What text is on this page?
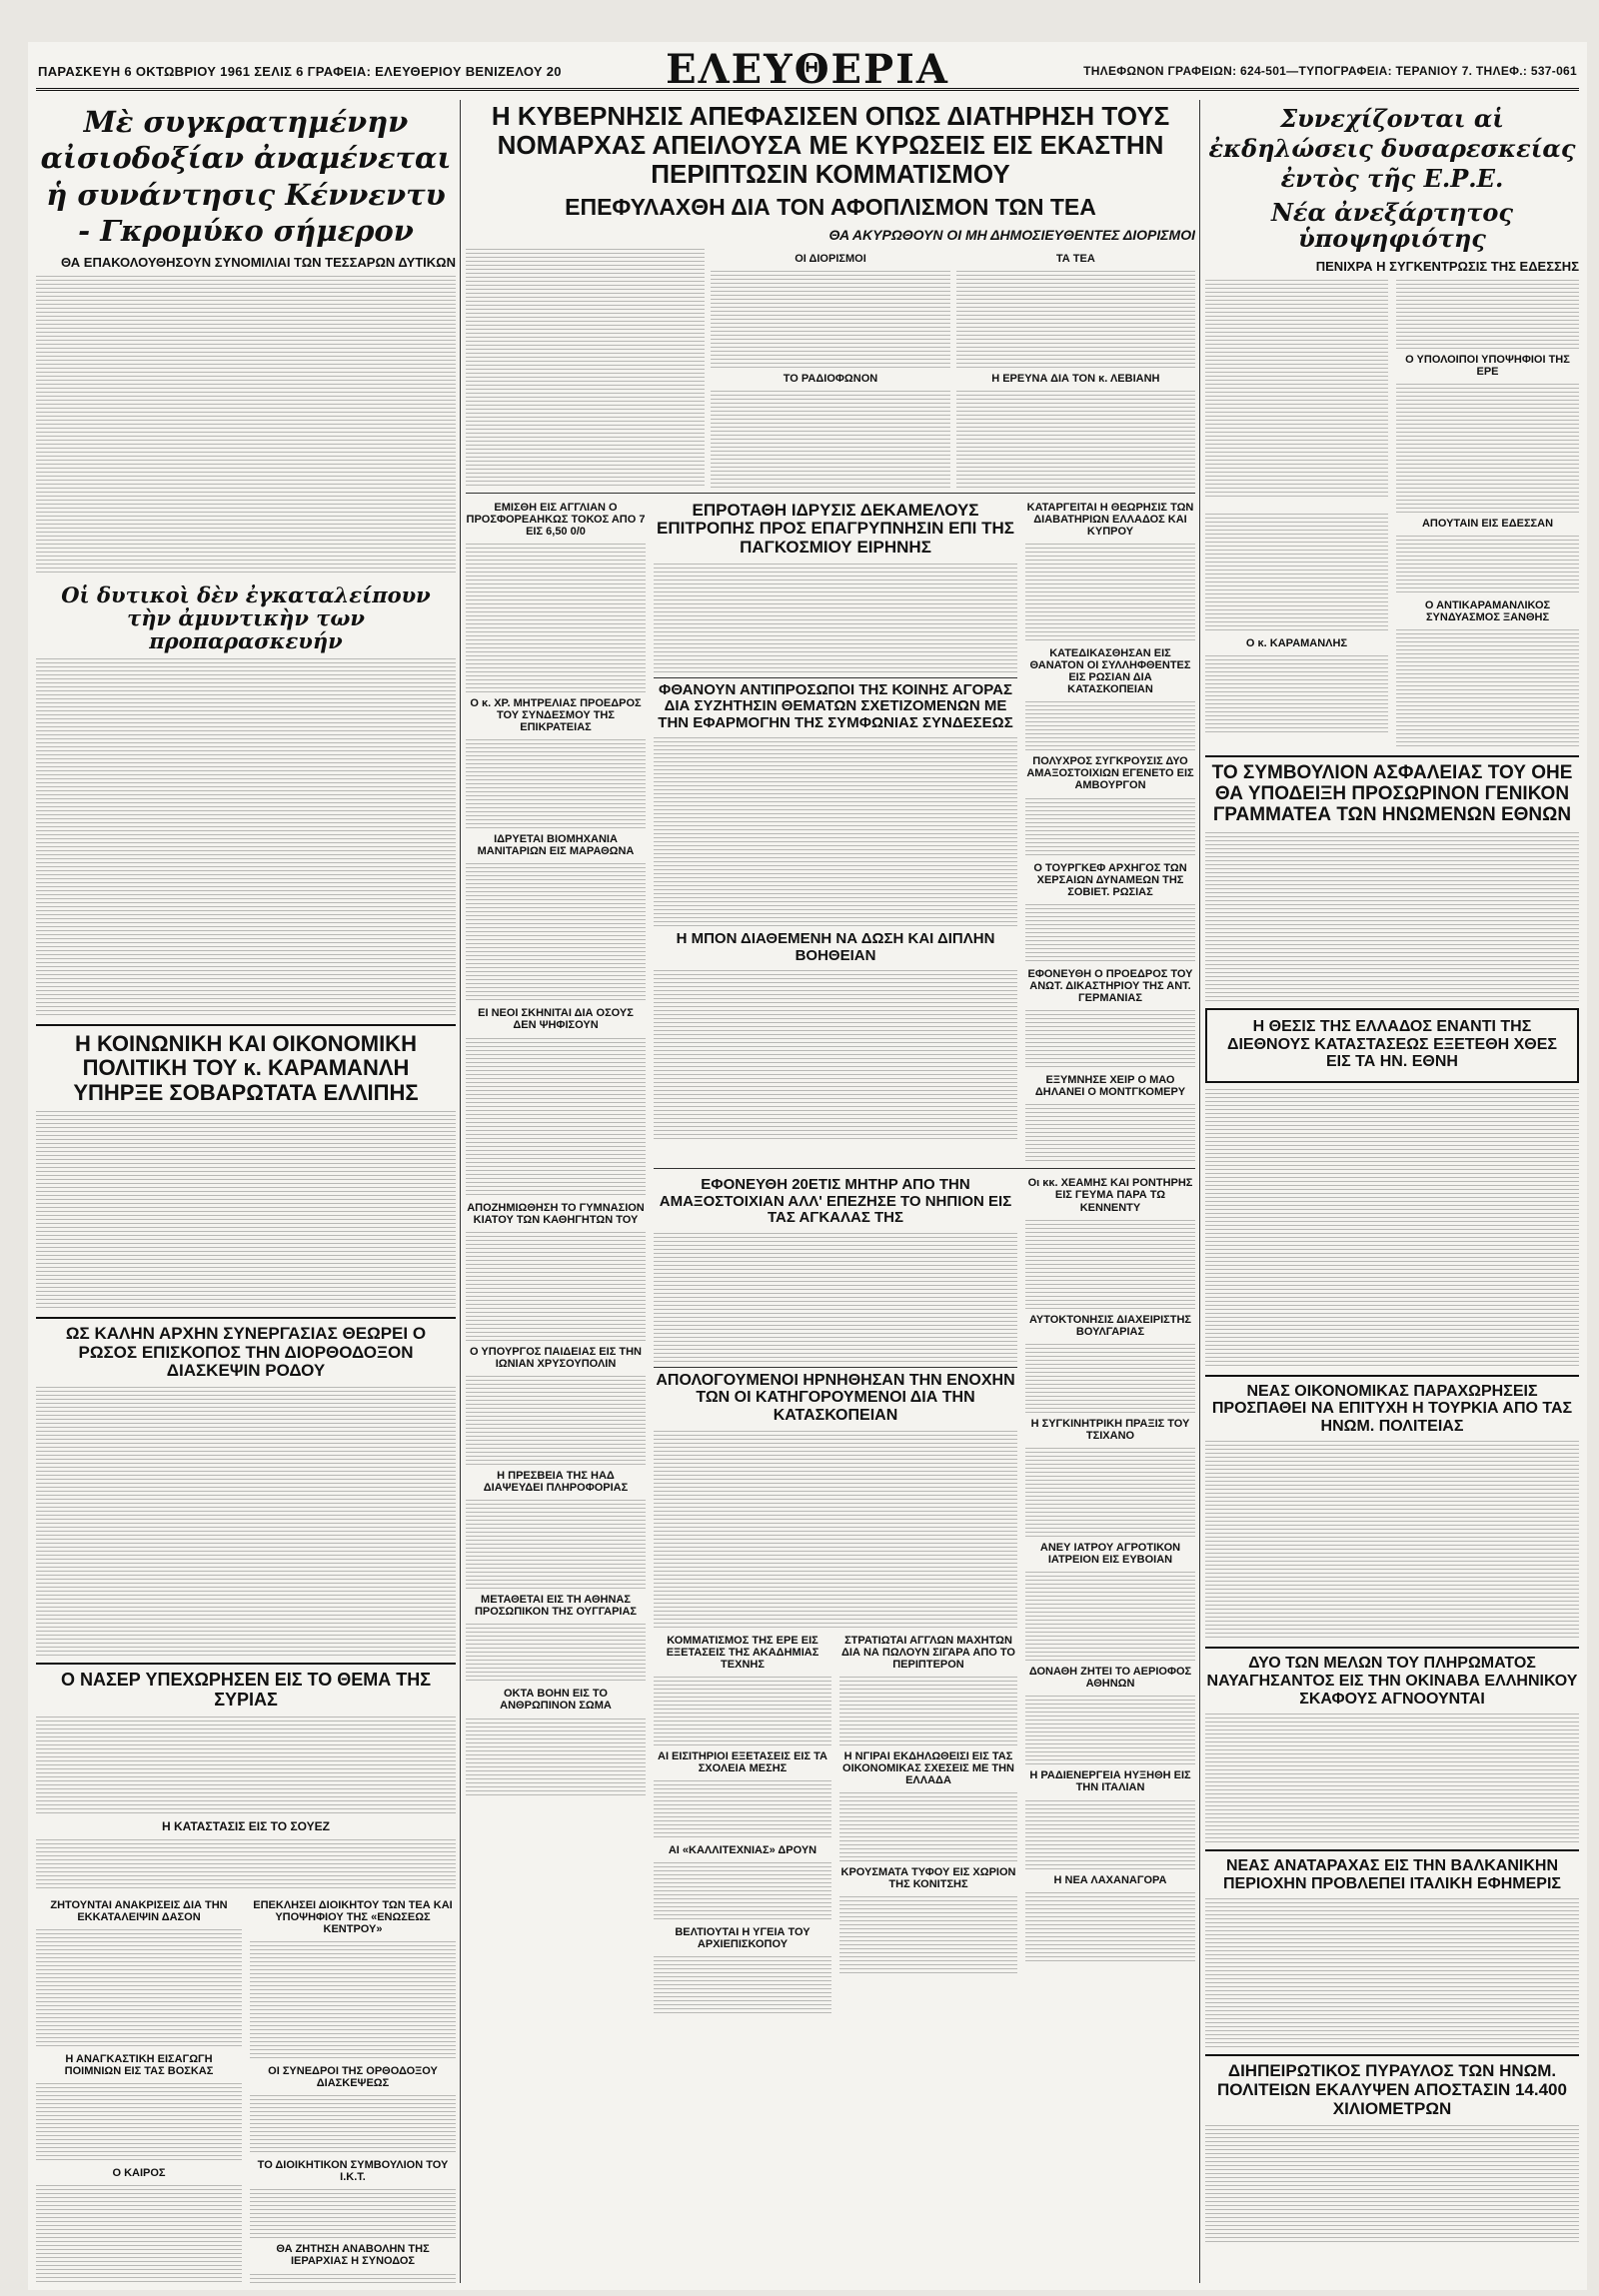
ΠΑΡΑΣΚΕΥΗ 6 ΟΚΤΩΒΡΙΟΥ 1961 ΣΕΛΙΣ 6 ΓΡΑΦΕΙΑ: ΕΛΕΥΘΕΡΙΟΥ ΒΕΝΙΖΕΛΟΥ 20	ΕΛΕΥΘΕΡΙΑ	ΤΗΛΕΦΩΝΟΝ ΓΡΑΦΕΙΩΝ: 624-501—ΤΥΠΟΓΡΑΦΕΙΑ: ΤΕΡΑΝΙΟΥ 7. ΤΗΛΕΦ.: 537-061
Μὲ συγκρατημένην αἰσιοδοξίαν ἀναμένεται ἡ συνάντησις Κέννεντυ - Γκρομύκο σήμερον
ΘΑ ΕΠΑΚΟΛΟΥΘΗΣΟΥΝ ΣΥΝΟΜΙΛΙΑΙ ΤΩΝ ΤΕΣΣΑΡΩΝ ΔΥΤΙΚΩΝ
Οἱ δυτικοὶ δὲν ἐγκαταλείπουν τὴν ἀμυντικὴν των προπαρασκευήν
Η ΚΟΙΝΩΝΙΚΗ ΚΑΙ ΟΙΚΟΝΟΜΙΚΗ ΠΟΛΙΤΙΚΗ ΤΟΥ κ. ΚΑΡΑΜΑΝΛΗ ΥΠΗΡΞΕ ΣΟΒΑΡΩΤΑΤΑ ΕΛΛΙΠΗΣ
ΩΣ ΚΑΛΗΝ ΑΡΧΗΝ ΣΥΝΕΡΓΑΣΙΑΣ ΘΕΩΡΕΙ Ο ΡΩΣΟΣ ΕΠΙΣΚΟΠΟΣ ΤΗΝ ΔΙΟΡΘΟΔΟΞΟΝ ΔΙΑΣΚΕΨΙΝ ΡΟΔΟΥ
Ο ΝΑΣΕΡ ΥΠΕΧΩΡΗΣΕΝ ΕΙΣ ΤΟ ΘΕΜΑ ΤΗΣ ΣΥΡΙΑΣ
Η ΚΑΤΑΣΤΑΣΙΣ ΕΙΣ ΤΟ ΣΟΥΕΖ
ΖΗΤΟΥΝΤΑΙ ΑΝΑΚΡΙΣΕΙΣ ΔΙΑ ΤΗΝ ΕΚΚΑΤΑΛΕΙΨΙΝ ΔΑΣΟΝ
Η ΑΝΑΓΚΑΣΤΙΚΗ ΕΙΣΑΓΩΓΗ ΠΟΙΜΝΙΩΝ ΕΙΣ ΤΑΣ ΒΟΣΚΑΣ
Ο ΚΑΙΡΟΣ
ΕΠΕΚΛΗΣΕΙ ΔΙΟΙΚΗΤΟΥ ΤΩΝ ΤΕΑ ΚΑΙ ΥΠΟΨΗΦΙΟΥ ΤΗΣ «ΕΝΩΣΕΩΣ ΚΕΝΤΡΟΥ»
ΟΙ ΣΥΝΕΔΡΟΙ ΤΗΣ ΟΡΘΟΔΟΞΟΥ ΔΙΑΣΚΕΨΕΩΣ
ΤΟ ΔΙΟΙΚΗΤΙΚΟΝ ΣΥΜΒΟΥΛΙΟΝ ΤΟΥ Ι.Κ.Τ.
ΘΑ ΖΗΤΗΣΗ ΑΝΑΒΟΛΗΝ ΤΗΣ ΙΕΡΑΡΧΙΑΣ Η ΣΥΝΟΔΟΣ
Η ΚΥΒΕΡΝΗΣΙΣ ΑΠΕΦΑΣΙΣΕΝ ΟΠΩΣ ΔΙΑΤΗΡΗΣΗ ΤΟΥΣ ΝΟΜΑΡΧΑΣ ΑΠΕΙΛΟΥΣΑ ΜΕ ΚΥΡΩΣΕΙΣ ΕΙΣ ΕΚΑΣΤΗΝ ΠΕΡΙΠΤΩΣΙΝ ΚΟΜΜΑΤΙΣΜΟΥ
ΕΠΕΦΥΛΑΧΘΗ ΔΙΑ ΤΟΝ ΑΦΟΠΛΙΣΜΟΝ ΤΩΝ ΤΕΑ
ΘΑ ΑΚΥΡΩΘΟΥΝ ΟΙ ΜΗ ΔΗΜΟΣΙΕΥΘΕΝΤΕΣ ΔΙΟΡΙΣΜΟΙ
ΟΙ ΔΙΟΡΙΣΜΟΙ
ΤΟ ΡΑΔΙΟΦΩΝΟΝ
ΤΑ ΤΕΑ
Η ΕΡΕΥΝΑ ΔΙΑ ΤΟΝ κ. ΛΕΒΙΑΝΗ
ΕΜΙΣΘΗ ΕΙΣ ΑΓΓΛΙΑΝ Ο ΠΡΟΣΦΟΡΕΑΗΚΩΣ ΤΟΚΟΣ ΑΠΟ 7 ΕΙΣ 6,50 0/0
Ο κ. ΧΡ. ΜΗΤΡΕΛΙΑΣ ΠΡΟΕΔΡΟΣ ΤΟΥ ΣΥΝΔΕΣΜΟΥ ΤΗΣ ΕΠΙΚΡΑΤΕΙΑΣ
ΙΔΡΥΕΤΑΙ ΒΙΟΜΗΧΑΝΙΑ ΜΑΝΙΤΑΡΙΩΝ ΕΙΣ ΜΑΡΑΘΩΝΑ
ΕΙ ΝΕΟΙ ΣΚΗΝΙΤΑΙ ΔΙΑ ΟΣΟΥΣ ΔΕΝ ΨΗΦΙΣΟΥΝ
ΑΠΟΖΗΜΙΩΘΗΣΗ ΤΟ ΓΥΜΝΑΣΙΟΝ ΚΙΑΤΟΥ ΤΩΝ ΚΑΘΗΓΗΤΩΝ ΤΟΥ
Ο ΥΠΟΥΡΓΟΣ ΠΑΙΔΕΙΑΣ ΕΙΣ ΤΗΝ ΙΩΝΙΑΝ ΧΡΥΣΟΥΠΟΛΙΝ
Η ΠΡΕΣΒΕΙΑ ΤΗΣ ΗΑΔ ΔΙΑΨΕΥΔΕΙ ΠΛΗΡΟΦΟΡΙΑΣ
ΜΕΤΑΘΕΤΑΙ ΕΙΣ ΤΗ ΑΘΗΝΑΣ ΠΡΟΣΩΠΙΚΟΝ ΤΗΣ ΟΥΓΓΑΡΙΑΣ
ΟΚΤΑ ΒΟΗΝ ΕΙΣ ΤΟ ΑΝΘΡΩΠΙΝΟΝ ΣΩΜΑ
ΕΠΡΟΤΑΘΗ ΙΔΡΥΣΙΣ ΔΕΚΑΜΕΛΟΥΣ ΕΠΙΤΡΟΠΗΣ ΠΡΟΣ ΕΠΑΓΡΥΠΝΗΣΙΝ ΕΠΙ ΤΗΣ ΠΑΓΚΟΣΜΙΟΥ ΕΙΡΗΝΗΣ
ΦΘΑΝΟΥΝ ΑΝΤΙΠΡΟΣΩΠΟΙ ΤΗΣ ΚΟΙΝΗΣ ΑΓΟΡΑΣ ΔΙΑ ΣΥΖΗΤΗΣΙΝ ΘΕΜΑΤΩΝ ΣΧΕΤΙΖΟΜΕΝΩΝ ΜΕ ΤΗΝ ΕΦΑΡΜΟΓΗΝ ΤΗΣ ΣΥΜΦΩΝΙΑΣ ΣΥΝΔΕΣΕΩΣ
Η ΜΠΟΝ ΔΙΑΘΕΜΕΝΗ ΝΑ ΔΩΣΗ ΚΑΙ ΔΙΠΛΗΝ ΒΟΗΘΕΙΑΝ
ΚΑΤΑΡΓΕΙΤΑΙ Η ΘΕΩΡΗΣΙΣ ΤΩΝ ΔΙΑΒΑΤΗΡΙΩΝ ΕΛΛΑΔΟΣ ΚΑΙ ΚΥΠΡΟΥ
ΚΑΤΕΔΙΚΑΣΘΗΣΑΝ ΕΙΣ ΘΑΝΑΤΟΝ ΟΙ ΣΥΛΛΗΦΘΕΝΤΕΣ ΕΙΣ ΡΩΣΙΑΝ ΔΙΑ ΚΑΤΑΣΚΟΠΕΙΑΝ
ΠΟΛΥΧΡΟΣ ΣΥΓΚΡΟΥΣΙΣ ΔΥΟ ΑΜΑΞΟΣΤΟΙΧΙΩΝ ΕΓΕΝΕΤΟ ΕΙΣ ΑΜΒΟΥΡΓΟΝ
Ο ΤΟΥΡΓΚΕΦ ΑΡΧΗΓΟΣ ΤΩΝ ΧΕΡΣΑΙΩΝ ΔΥΝΑΜΕΩΝ ΤΗΣ ΣΟΒΙΕΤ. ΡΩΣΙΑΣ
ΕΦΟΝΕΥΘΗ Ο ΠΡΟΕΔΡΟΣ ΤΟΥ ΑΝΩΤ. ΔΙΚΑΣΤΗΡΙΟΥ ΤΗΣ ΑΝΤ. ΓΕΡΜΑΝΙΑΣ
ΕΞΥΜΝΗΣΕ ΧΕΙΡ Ο ΜΑΟ ΔΗΛΑΝΕΙ Ο ΜΟΝΤΓΚΟΜΕΡΥ
ΕΦΟΝΕΥΘΗ 20ΕΤΙΣ ΜΗΤΗΡ ΑΠΟ ΤΗΝ ΑΜΑΞΟΣΤΟΙΧΙΑΝ ΑΛΛ' ΕΠΕΖΗΣΕ ΤΟ ΝΗΠΙΟΝ ΕΙΣ ΤΑΣ ΑΓΚΑΛΑΣ ΤΗΣ
ΑΠΟΛΟΓΟΥΜΕΝΟΙ ΗΡΝΗΘΗΣΑΝ ΤΗΝ ΕΝΟΧΗΝ ΤΩΝ ΟΙ ΚΑΤΗΓΟΡΟΥΜΕΝΟΙ ΔΙΑ ΤΗΝ ΚΑΤΑΣΚΟΠΕΙΑΝ
ΚΟΜΜΑΤΙΣΜΟΣ ΤΗΣ ΕΡΕ ΕΙΣ ΕΞΕΤΑΣΕΙΣ ΤΗΣ ΑΚΑΔΗΜΙΑΣ ΤΕΧΝΗΣ
ΑΙ ΕΙΣΙΤΗΡΙΟΙ ΕΞΕΤΑΣΕΙΣ ΕΙΣ ΤΑ ΣΧΟΛΕΙΑ ΜΕΣΗΣ
ΑΙ «ΚΑΛΛΙΤΕΧΝΙΑΣ» ΔΡΟΥΝ
ΒΕΛΤΙΟΥΤΑΙ Η ΥΓΕΙΑ ΤΟΥ ΑΡΧΙΕΠΙΣΚΟΠΟΥ
ΣΤΡΑΤΙΩΤΑΙ ΑΓΓΛΩΝ ΜΑΧΗΤΩΝ ΔΙΑ ΝΑ ΠΩΛΟΥΝ ΣΙΓΑΡΑ ΑΠΟ ΤΟ ΠΕΡΙΠΤΕΡΟΝ
Η ΝΓΙΡΑΙ ΕΚΔΗΛΩΘΕΙΣΙ ΕΙΣ ΤΑΣ ΟΙΚΟΝΟΜΙΚΑΣ ΣΧΕΣΕΙΣ ΜΕ ΤΗΝ ΕΛΛΑΔΑ
ΚΡΟΥΣΜΑΤΑ ΤΥΦΟΥ ΕΙΣ ΧΩΡΙΟΝ ΤΗΣ ΚΟΝΙΤΣΗΣ
Οι κκ. ΧΕΑΜΗΣ ΚΑΙ ΡΟΝΤΗΡΗΣ ΕΙΣ ΓΕΥΜΑ ΠΑΡΑ ΤΩ ΚΕΝΝΕΝΤΥ
ΑΥΤΟΚΤΟΝΗΣΙΣ ΔΙΑΧΕΙΡΙΣΤΗΣ ΒΟΥΛΓΑΡΙΑΣ
Η ΣΥΓΚΙΝΗΤΡΙΚΗ ΠΡΑΞΙΣ ΤΟΥ ΤΣΙΧΑΝΟ
ΑΝΕΥ ΙΑΤΡΟΥ ΑΓΡΟΤΙΚΟΝ ΙΑΤΡΕΙΟΝ ΕΙΣ ΕΥΒΟΙΑΝ
ΔΟΝΑΘΗ ΖΗΤΕΙ ΤΟ ΑΕΡΙΟΦΟΣ ΑΘΗΝΩΝ
Η ΡΑΔΙΕΝΕΡΓΕΙΑ ΗΥΞΗΘΗ ΕΙΣ ΤΗΝ ΙΤΑΛΙΑΝ
Η ΝΕΑ ΛΑΧΑΝΑΓΟΡΑ
Συνεχίζονται αἱ ἐκδηλώσεις δυσαρεσκείας ἐντὸς τῆς Ε.Ρ.Ε.
Νέα ἀνεξάρτητος ὑποψηφιότης
ΠΕΝΙΧΡΑ Η ΣΥΓΚΕΝΤΡΩΣΙΣ ΤΗΣ ΕΔΕΣΣΗΣ
Ο ΥΠΟΛΟΙΠΟΙ ΥΠΟΨΗΦΙΟΙ ΤΗΣ ΕΡΕ
Ο κ. ΚΑΡΑΜΑΝΛΗΣ
ΑΠΟΥΤΑΙΝ ΕΙΣ ΕΔΕΣΣΑΝ
Ο ΑΝΤΙΚΑΡΑΜΑΝΛΙΚΟΣ ΣΥΝΔΥΑΣΜΟΣ ΞΑΝΘΗΣ
ΤΟ ΣΥΜΒΟΥΛΙΟΝ ΑΣΦΑΛΕΙΑΣ ΤΟΥ ΟΗΕ ΘΑ ΥΠΟΔΕΙΞΗ ΠΡΟΣΩΡΙΝΟΝ ΓΕΝΙΚΟΝ ΓΡΑΜΜΑΤΕΑ ΤΩΝ ΗΝΩΜΕΝΩΝ ΕΘΝΩΝ
Η ΘΕΣΙΣ ΤΗΣ ΕΛΛΑΔΟΣ ΕΝΑΝΤΙ ΤΗΣ ΔΙΕΘΝΟΥΣ ΚΑΤΑΣΤΑΣΕΩΣ ΕΞΕΤΕΘΗ ΧΘΕΣ ΕΙΣ ΤΑ ΗΝ. ΕΘΝΗ
ΝΕΑΣ ΟΙΚΟΝΟΜΙΚΑΣ ΠΑΡΑΧΩΡΗΣΕΙΣ ΠΡΟΣΠΑΘΕΙ ΝΑ ΕΠΙΤΥΧΗ Η ΤΟΥΡΚΙΑ ΑΠΟ ΤΑΣ ΗΝΩΜ. ΠΟΛΙΤΕΙΑΣ
ΔΥΟ ΤΩΝ ΜΕΛΩΝ ΤΟΥ ΠΛΗΡΩΜΑΤΟΣ ΝΑΥΑΓΗΣΑΝΤΟΣ ΕΙΣ ΤΗΝ ΟΚΙΝΑΒΑ ΕΛΛΗΝΙΚΟΥ ΣΚΑΦΟΥΣ ΑΓΝΟΟΥΝΤΑΙ
ΝΕΑΣ ΑΝΑΤΑΡΑΧΑΣ ΕΙΣ ΤΗΝ ΒΑΛΚΑΝΙΚΗΝ ΠΕΡΙΟΧΗΝ ΠΡΟΒΛΕΠΕΙ ΙΤΑΛΙΚΗ ΕΦΗΜΕΡΙΣ
ΔΙΗΠΕΙΡΩΤΙΚΟΣ ΠΥΡΑΥΛΟΣ ΤΩΝ ΗΝΩΜ. ΠΟΛΙΤΕΙΩΝ ΕΚΑΛΥΨΕΝ ΑΠΟΣΤΑΣΙΝ 14.400 ΧΙΛΙΟΜΕΤΡΩΝ
